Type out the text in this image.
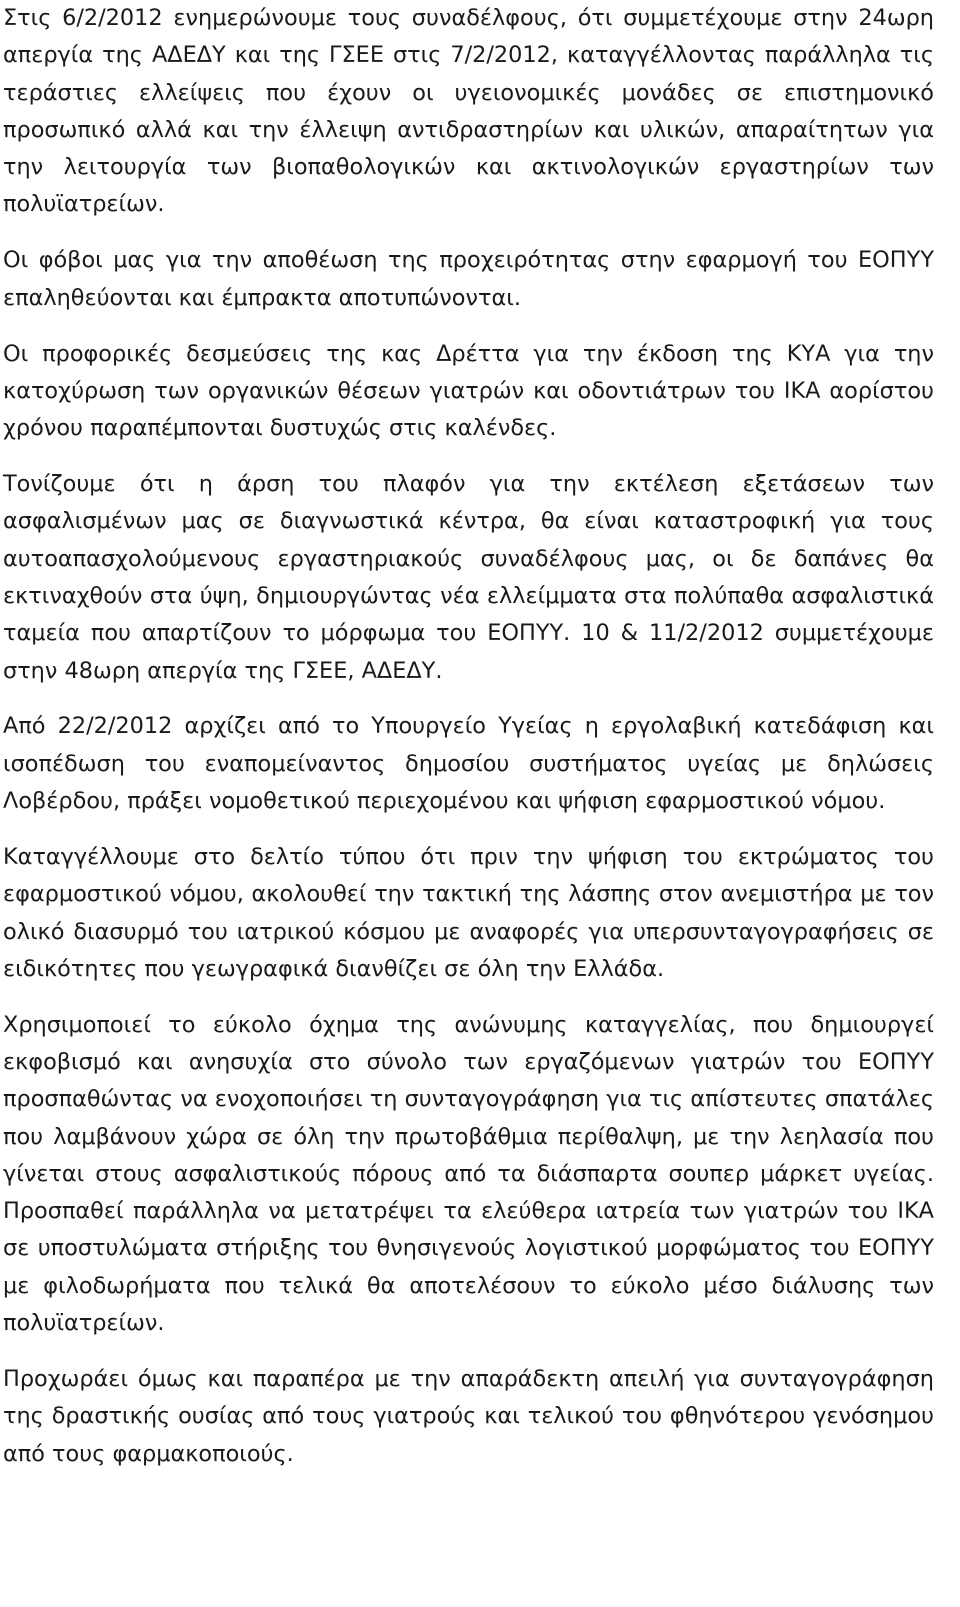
Στις 6/2/2012 ενημερώνουμε τους συναδέλφους, ότι συμμετέχουμε στην 24ωρη απεργία της ΑΔΕΔΥ και της ΓΣΕΕ στις 7/2/2012, καταγγέλλοντας παράλληλα τις τεράστιες ελλείψεις που έχουν οι υγειονομικές μονάδες σε επιστημονικό προσωπικό αλλά και την έλλειψη αντιδραστηρίων και υλικών, απαραίτητων για την λειτουργία των βιοπαθολογικών και ακτινολογικών εργαστηρίων των πολυϊατρείων.

Οι φόβοι μας για την αποθέωση της προχειρότητας στην εφαρμογή του ΕΟΠΥΥ επαληθεύονται και έμπρακτα αποτυπώνονται.

Οι προφορικές δεσμεύσεις της κας Δρέττα για την έκδοση της ΚΥΑ για την κατοχύρωση των οργανικών θέσεων γιατρών και οδοντιάτρων του ΙΚΑ αορίστου χρόνου παραπέμπονται δυστυχώς στις καλένδες.

Τονίζουμε ότι η άρση του πλαφόν για την εκτέλεση εξετάσεων των ασφαλισμένων μας σε διαγνωστικά κέντρα, θα είναι καταστροφική για τους αυτοαπασχολούμενους εργαστηριακούς συναδέλφους μας, οι δε δαπάνες θα εκτιναχθούν στα ύψη, δημιουργώντας νέα ελλείμματα στα πολύπαθα ασφαλιστικά ταμεία που απαρτίζουν το μόρφωμα του ΕΟΠΥΥ. 10 & 11/2/2012 συμμετέχουμε στην 48ωρη απεργία της ΓΣΕΕ, ΑΔΕΔΥ.

Από 22/2/2012 αρχίζει από το Υπουργείο Υγείας η εργολαβική κατεδάφιση και ισοπέδωση του εναπομείναντος δημοσίου συστήματος υγείας με δηλώσεις Λοβέρδου, πράξει νομοθετικού περιεχομένου και ψήφιση εφαρμοστικού νόμου.

Καταγγέλλουμε στο δελτίο τύπου ότι πριν την ψήφιση του εκτρώματος του εφαρμοστικού νόμου, ακολουθεί την τακτική της λάσπης στον ανεμιστήρα με τον ολικό διασυρμό του ιατρικού κόσμου με αναφορές για υπερσυνταγογραφήσεις σε ειδικότητες που γεωγραφικά διανθίζει σε όλη την Ελλάδα.

Χρησιμοποιεί το εύκολο όχημα της ανώνυμης καταγγελίας, που δημιουργεί εκφοβισμό και ανησυχία στο σύνολο των εργαζόμενων γιατρών του ΕΟΠΥΥ προσπαθώντας να ενοχοποιήσει τη συνταγογράφηση για τις απίστευτες σπατάλες που λαμβάνουν χώρα σε όλη την πρωτοβάθμια περίθαλψη, με την λεηλασία που γίνεται στους ασφαλιστικούς πόρους από τα διάσπαρτα σουπερ μάρκετ υγείας. Προσπαθεί παράλληλα να μετατρέψει τα ελεύθερα ιατρεία των γιατρών του ΙΚΑ σε υποστυλώματα στήριξης του θνησιγενούς λογιστικού μορφώματος του ΕΟΠΥΥ με φιλοδωρήματα που τελικά θα αποτελέσουν το εύκολο μέσο διάλυσης των πολυϊατρείων.

Προχωράει όμως και παραπέρα με την απαράδεκτη απειλή για συνταγογράφηση της δραστικής ουσίας από τους γιατρούς και τελικού του φθηνότερου γενόσημου από τους φαρμακοποιούς.
